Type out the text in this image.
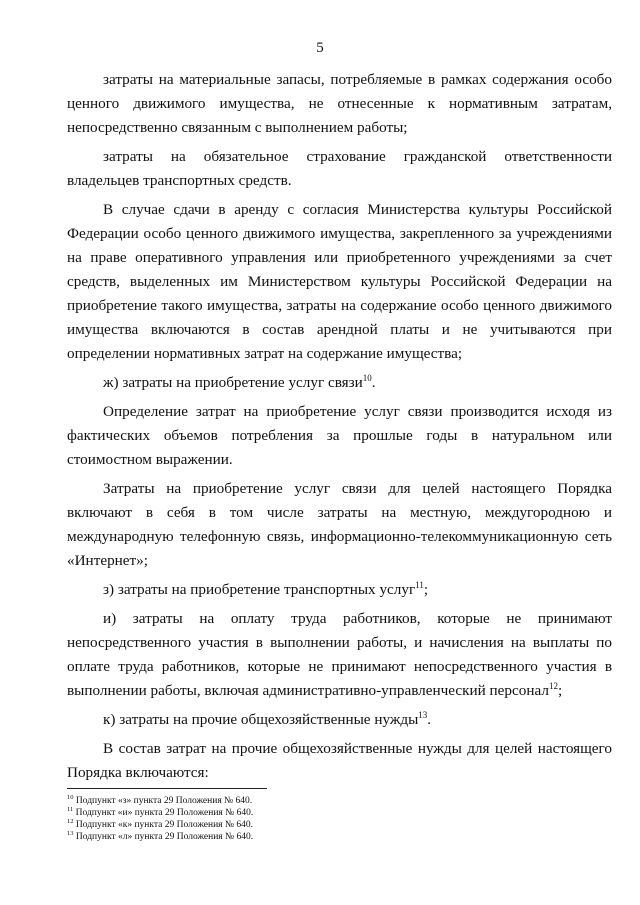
5

затраты на материальные запасы, потребляемые в рамках содержания особо ценного движимого имущества, не отнесенные к нормативным затратам, непосредственно связанным с выполнением работы;

затраты на обязательное страхование гражданской ответственности владельцев транспортных средств.

В случае сдачи в аренду с согласия Министерства культуры Российской Федерации особо ценного движимого имущества, закрепленного за учреждениями на праве оперативного управления или приобретенного учреждениями за счет средств, выделенных им Министерством культуры Российской Федерации на приобретение такого имущества, затраты на содержание особо ценного движимого имущества включаются в состав арендной платы и не учитываются при определении нормативных затрат на содержание имущества;

ж) затраты на приобретение услуг связи$^{10}$.

Определение затрат на приобретение услуг связи производится исходя из фактических объемов потребления за прошлые годы в натуральном или стоимостном выражении.

Затраты на приобретение услуг связи для целей настоящего Порядка включают в себя в том числе затраты на местную, междугородною и международную телефонную связь, информационно-телекоммуникационную сеть «Интернет»;

з) затраты на приобретение транспортных услуг$^{11}$;

и) затраты на оплату труда работников, которые не принимают непосредственного участия в выполнении работы, и начисления на выплаты по оплате труда работников, которые не принимают непосредственного участия в выполнении работы, включая административно-управленческий персонал$^{12}$;

к) затраты на прочие общехозяйственные нужды$^{13}$.

В состав затрат на прочие общехозяйственные нужды для целей настоящего Порядка включаются:

$^{10}$ Подпункт «з» пункта 29 Положения № 640.
$^{11}$ Подпункт «и» пункта 29 Положения № 640.
$^{12}$ Подпункт «к» пункта 29 Положения № 640.
$^{13}$ Подпункт «л» пункта 29 Положения № 640.
